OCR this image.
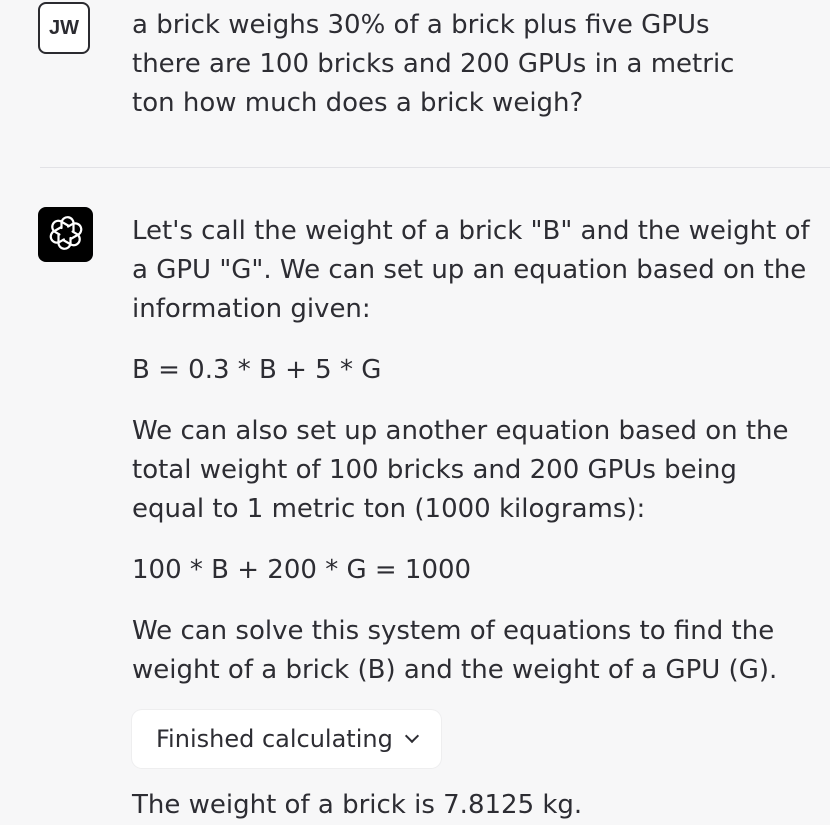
JW	a brick weighs 30% of a brick plus five GPUs
there are 100 bricks and 200 GPUs in a metric
ton how much does a brick weigh?

Let's call the weight of a brick "B" and the weight of a GPU "G". We can set up an equation based on the information given:

B = 0.3 * B + 5 * G

We can also set up another equation based on the total weight of 100 bricks and 200 GPUs being equal to 1 metric ton (1000 kilograms):

100 * B + 200 * G = 1000

We can solve this system of equations to find the weight of a brick (B) and the weight of a GPU (G).

Finished calculating

The weight of a brick is 7.8125 kg.
